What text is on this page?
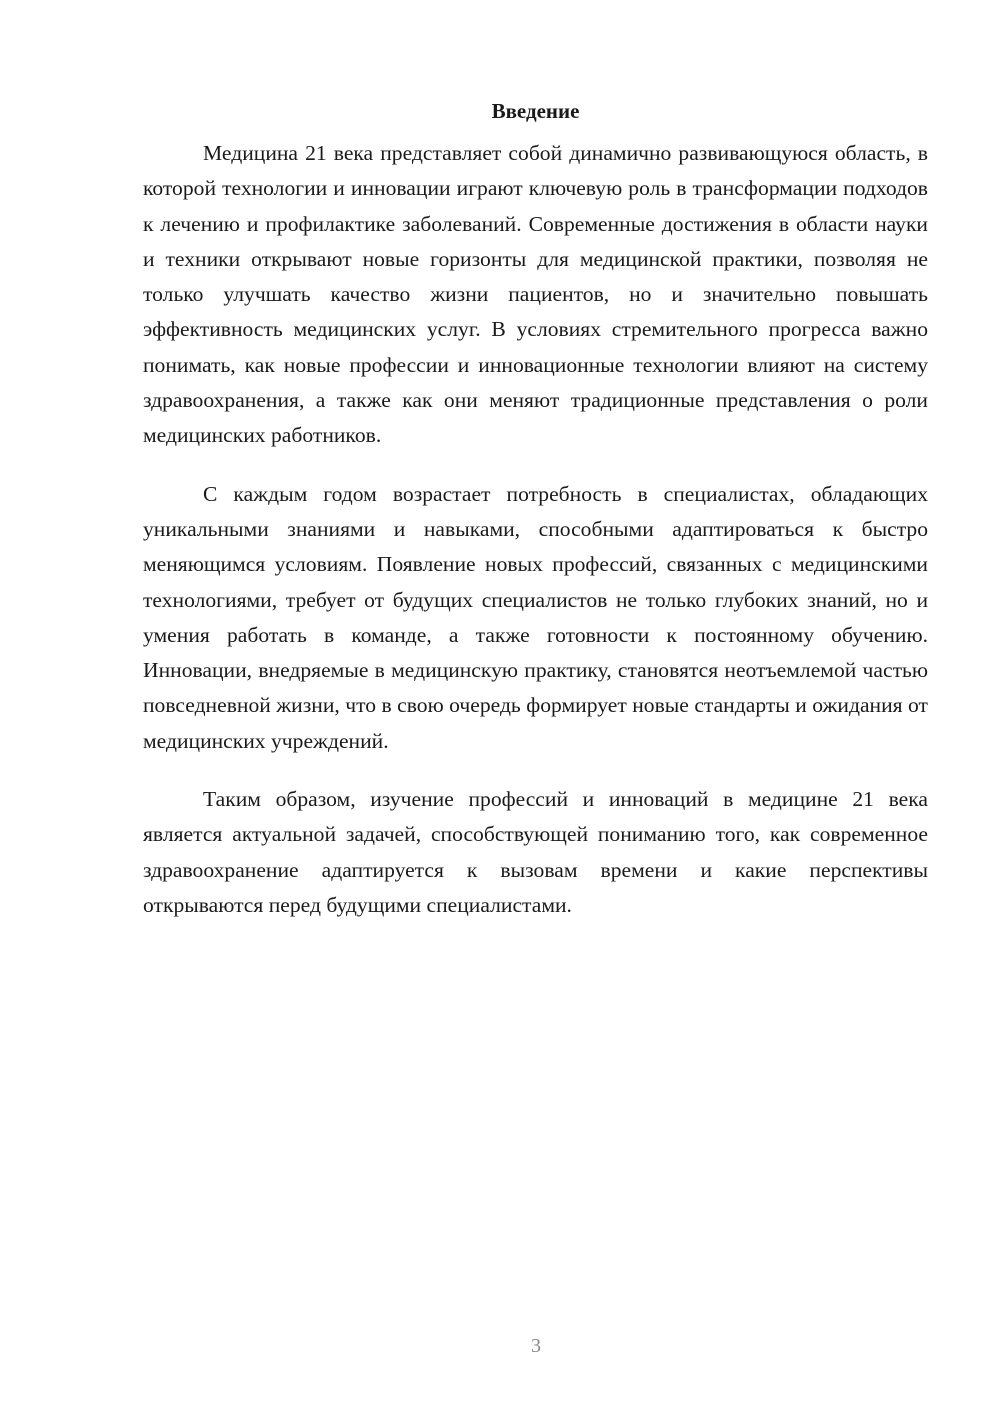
Введение

Медицина 21 века представляет собой динамично развивающуюся область, в которой технологии и инновации играют ключевую роль в трансформации подходов к лечению и профилактике заболеваний. Современные достижения в области науки и техники открывают новые горизонты для медицинской практики, позволяя не только улучшать качество жизни пациентов, но и значительно повышать эффективность медицинских услуг. В условиях стремительного прогресса важно понимать, как новые профессии и инновационные технологии влияют на систему здравоохранения, а также как они меняют традиционные представления о роли медицинских работников.

С каждым годом возрастает потребность в специалистах, обладающих уникальными знаниями и навыками, способными адаптироваться к быстро меняющимся условиям. Появление новых профессий, связанных с медицинскими технологиями, требует от будущих специалистов не только глубоких знаний, но и умения работать в команде, а также готовности к постоянному обучению. Инновации, внедряемые в медицинскую практику, становятся неотъемлемой частью повседневной жизни, что в свою очередь формирует новые стандарты и ожидания от медицинских учреждений.

Таким образом, изучение профессий и инноваций в медицине 21 века является актуальной задачей, способствующей пониманию того, как современное здравоохранение адаптируется к вызовам времени и какие перспективы открываются перед будущими специалистами.

3
